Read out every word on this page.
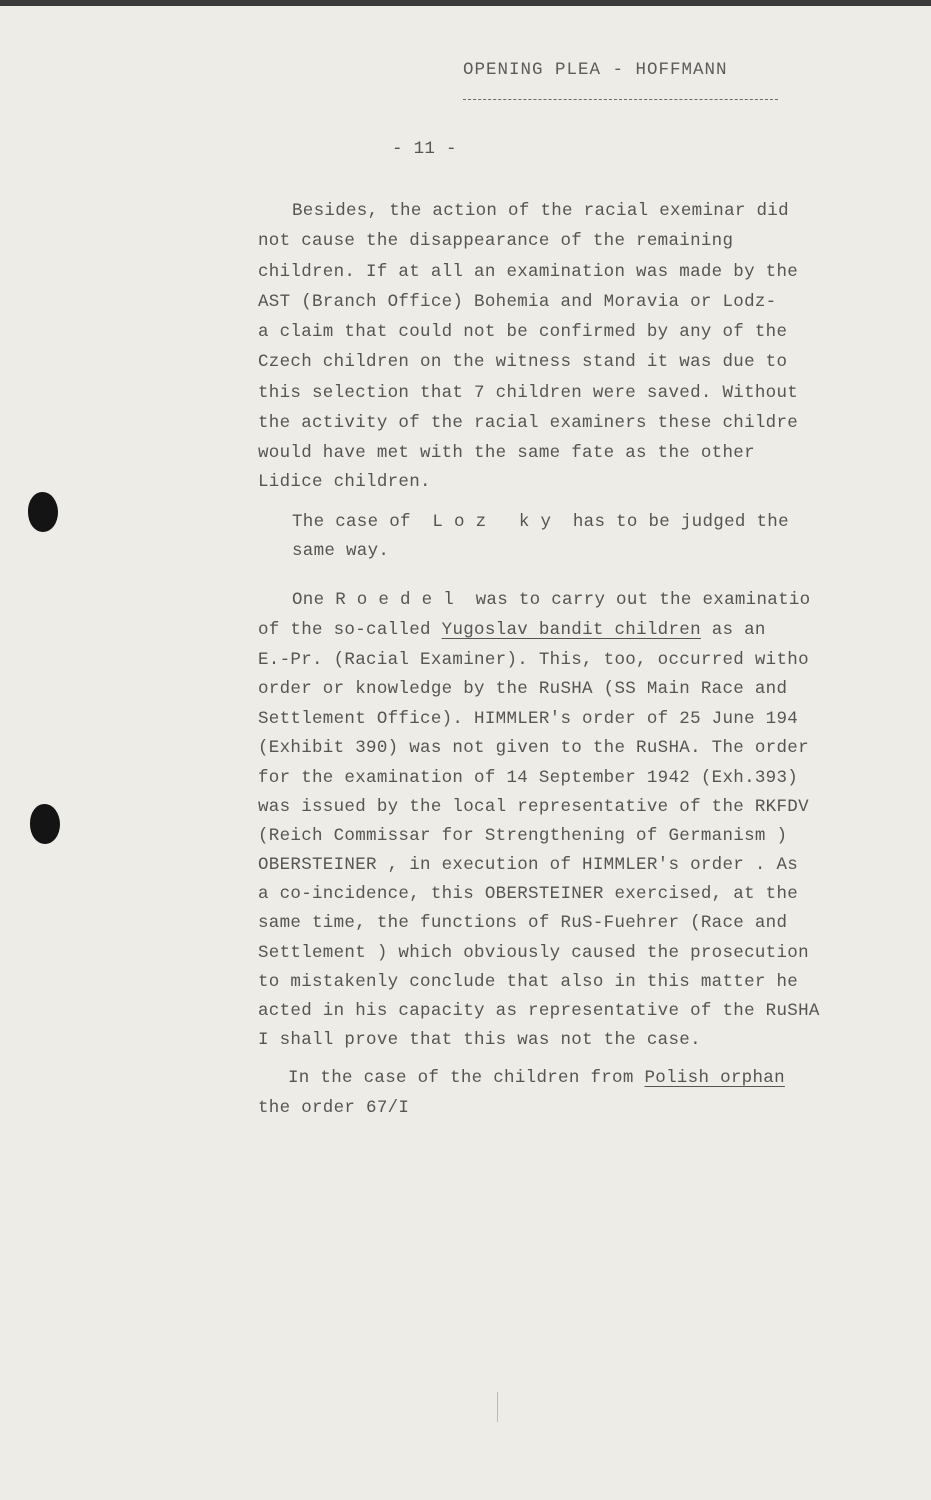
OPENING PLEA - HOFFMANN
- 11 -
Besides, the action of the racial exeminar did
not cause the disappearance of the remaining
children. If at all an examination was made by the
AST (Branch Office) Bohemia and Moravia or Lodz-
a claim that could not be confirmed by any of the
Czech children on the witness stand it was due to
this selection that 7 children were saved. Without
the activity of the racial examiners these childre
would have met with the same fate as the other
Lidice children.
The case of  L o z   k y  has to be judged the
same way.
One R o e d e l  was to carry out the examinatio
of the so-called Yugoslav bandit children as an
E.-Pr. (Racial Examiner). This, too, occurred witho
order or knowledge by the RuSHA (SS Main Race and
Settlement Office). HIMMLER's order of 25 June 194
(Exhibit 390) was not given to the RuSHA. The order
for the examination of 14 September 1942 (Exh.393)
was issued by the local representative of the RKFDV
(Reich Commissar for Strengthening of Germanism )
OBERSTEINER , in execution of HIMMLER's order . As
a co-incidence, this OBERSTEINER exercised, at the
same time, the functions of RuS-Fuehrer (Race and
Settlement ) which obviously caused the prosecution
to mistakenly conclude that also in this matter he
acted in his capacity as representative of the RuSHA
I shall prove that this was not the case.
In the case of the children from Polish orphan
the order 67/I
